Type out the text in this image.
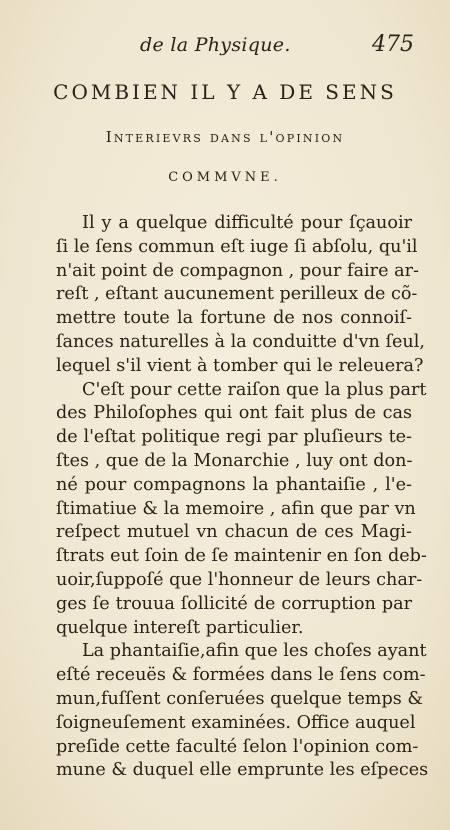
de la Physique.	475

COMBIEN IL Y A DE SENS

Interievrs dans l'opinion

COMMVNE.

Il y a quelque difficulté pour ſçauoir
ſi le ſens commun eſt iuge ſi abſolu, qu'il
n'ait point de compagnon , pour faire ar-
reſt , eſtant aucunement perilleux de cõ-
mettre toute la fortune de nos connoiſ-
ſances naturelles à la conduitte d'vn ſeul,
lequel s'il vient à tomber qui le releuera?
C'eſt pour cette raiſon que la plus part
des Philoſophes qui ont fait plus de cas
de l'eſtat politique regi par pluſieurs te-
ſtes , que de la Monarchie , luy ont don-
né pour compagnons la phantaiſie , l'e-
ſtimatiue & la memoire , afin que par vn
reſpect mutuel vn chacun de ces Magi-
ſtrats eut ſoin de ſe maintenir en ſon deb-
uoir,ſuppoſé que l'honneur de leurs char-
ges ſe trouua ſollicité de corruption par
quelque intereſt particulier.
La phantaiſie,afin que les choſes ayant
eſté receuës & formées dans le ſens com-
mun,fuſſent conſeruées quelque temps &
ſoigneuſement examinées. Office auquel
preſide cette faculté ſelon l'opinion com-
mune & duquel elle emprunte les eſpeces
